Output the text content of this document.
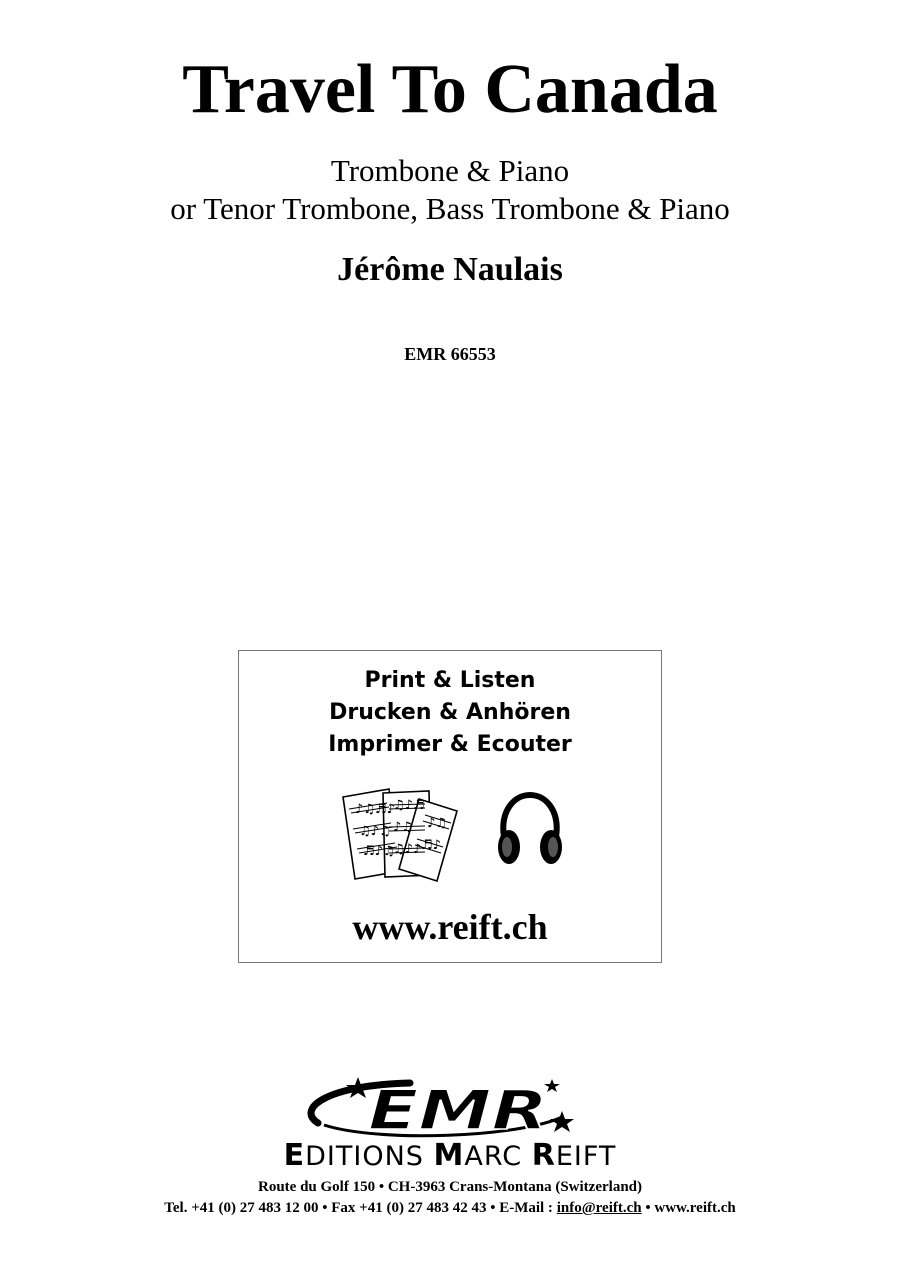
Travel To Canada
Trombone & Piano
or Tenor Trombone, Bass Trombone & Piano
Jérôme Naulais
EMR 66553
Print & Listen
Drucken & Anhören
Imprimer & Ecouter
♪♫♬♪
♫♪♫
♬♪♫
♫♪♬
♪♫
♫♪♪
♪♫
♬♪
www.reift.ch
EMR
EDITIONS MARC REIFT
Route du Golf 150 • CH-3963 Crans-Montana (Switzerland)
Tel. +41 (0) 27 483 12 00 • Fax +41 (0) 27 483 42 43 • E-Mail : info@reift.ch • www.reift.ch
